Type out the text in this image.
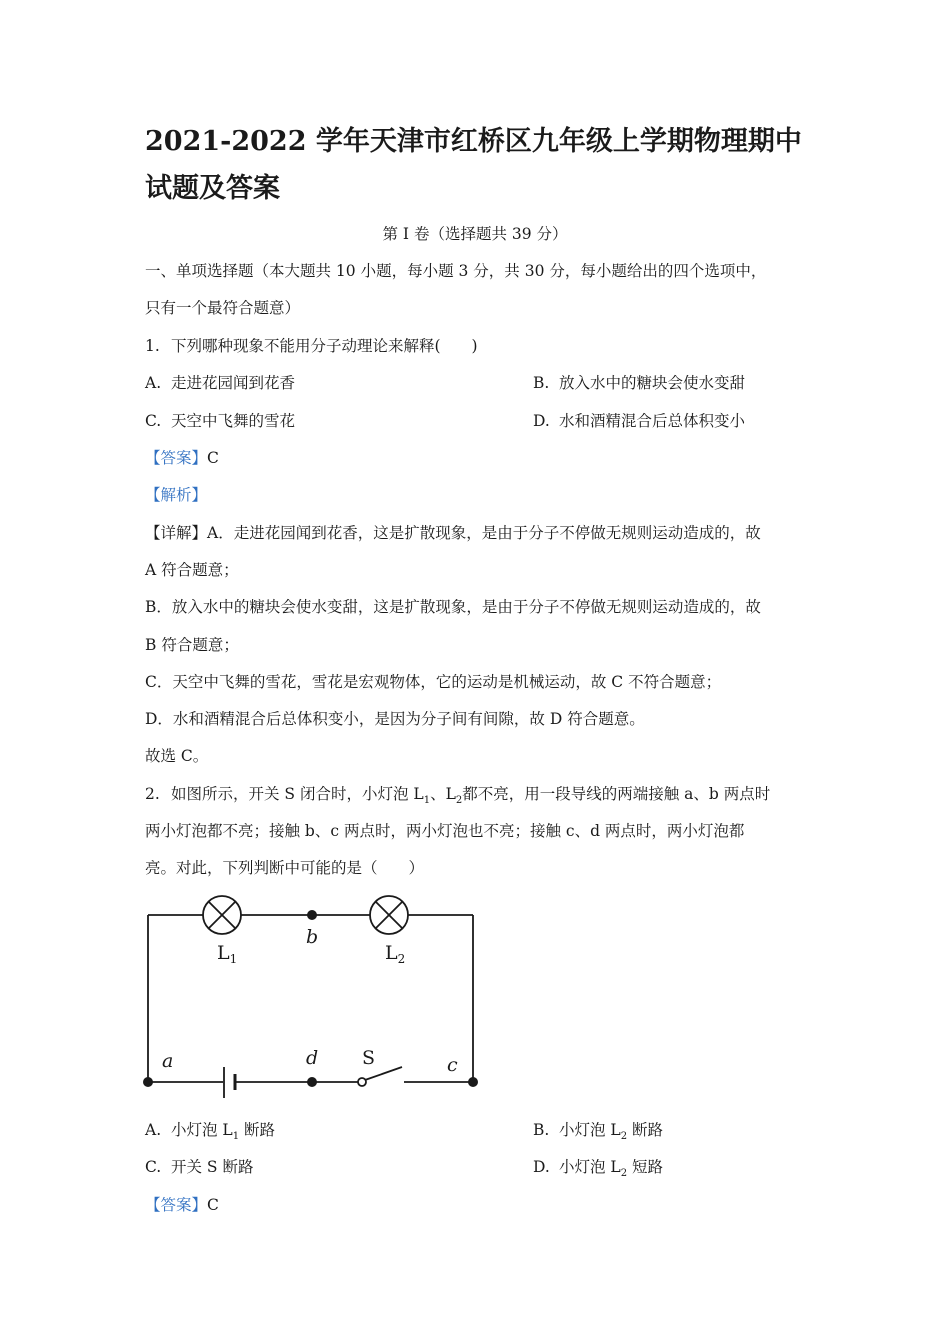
2021-2022 学年天津市红桥区九年级上学期物理期中试题及答案

第 I 卷（选择题共 39 分）

一、单项选择题（本大题共 10 小题，每小题 3 分，共 30 分，每小题给出的四个选项中，

只有一个最符合题意）

1. 下列哪种现象不能用分子动理论来解释(　　)

A. 走进花园闻到花香	B. 放入水中的糖块会使水变甜

C. 天空中飞舞的雪花	D. 水和酒精混合后总体积变小

【答案】C

【解析】

【详解】A．走进花园闻到花香，这是扩散现象，是由于分子不停做无规则运动造成的，故

A 符合题意；

B．放入水中的糖块会使水变甜，这是扩散现象，是由于分子不停做无规则运动造成的，故

B 符合题意；

C．天空中飞舞的雪花，雪花是宏观物体，它的运动是机械运动，故 C 不符合题意；

D．水和酒精混合后总体积变小，是因为分子间有间隙，故 D 符合题意。

故选 C。

2. 如图所示，开关 S 闭合时，小灯泡 $L_1$、$L_2$都不亮，用一段导线的两端接触 a、b 两点时

两小灯泡都不亮；接触 b、c 两点时，两小灯泡也不亮；接触 c、d 两点时，两小灯泡都

亮。对此，下列判断中可能的是（　　）

$L_1$	$L_2$
b
a	d S	c

A. 小灯泡 $L_1$ 断路	B. 小灯泡 $L_2$ 断路

C. 开关 S 断路	D. 小灯泡 $L_2$ 短路

【答案】C
